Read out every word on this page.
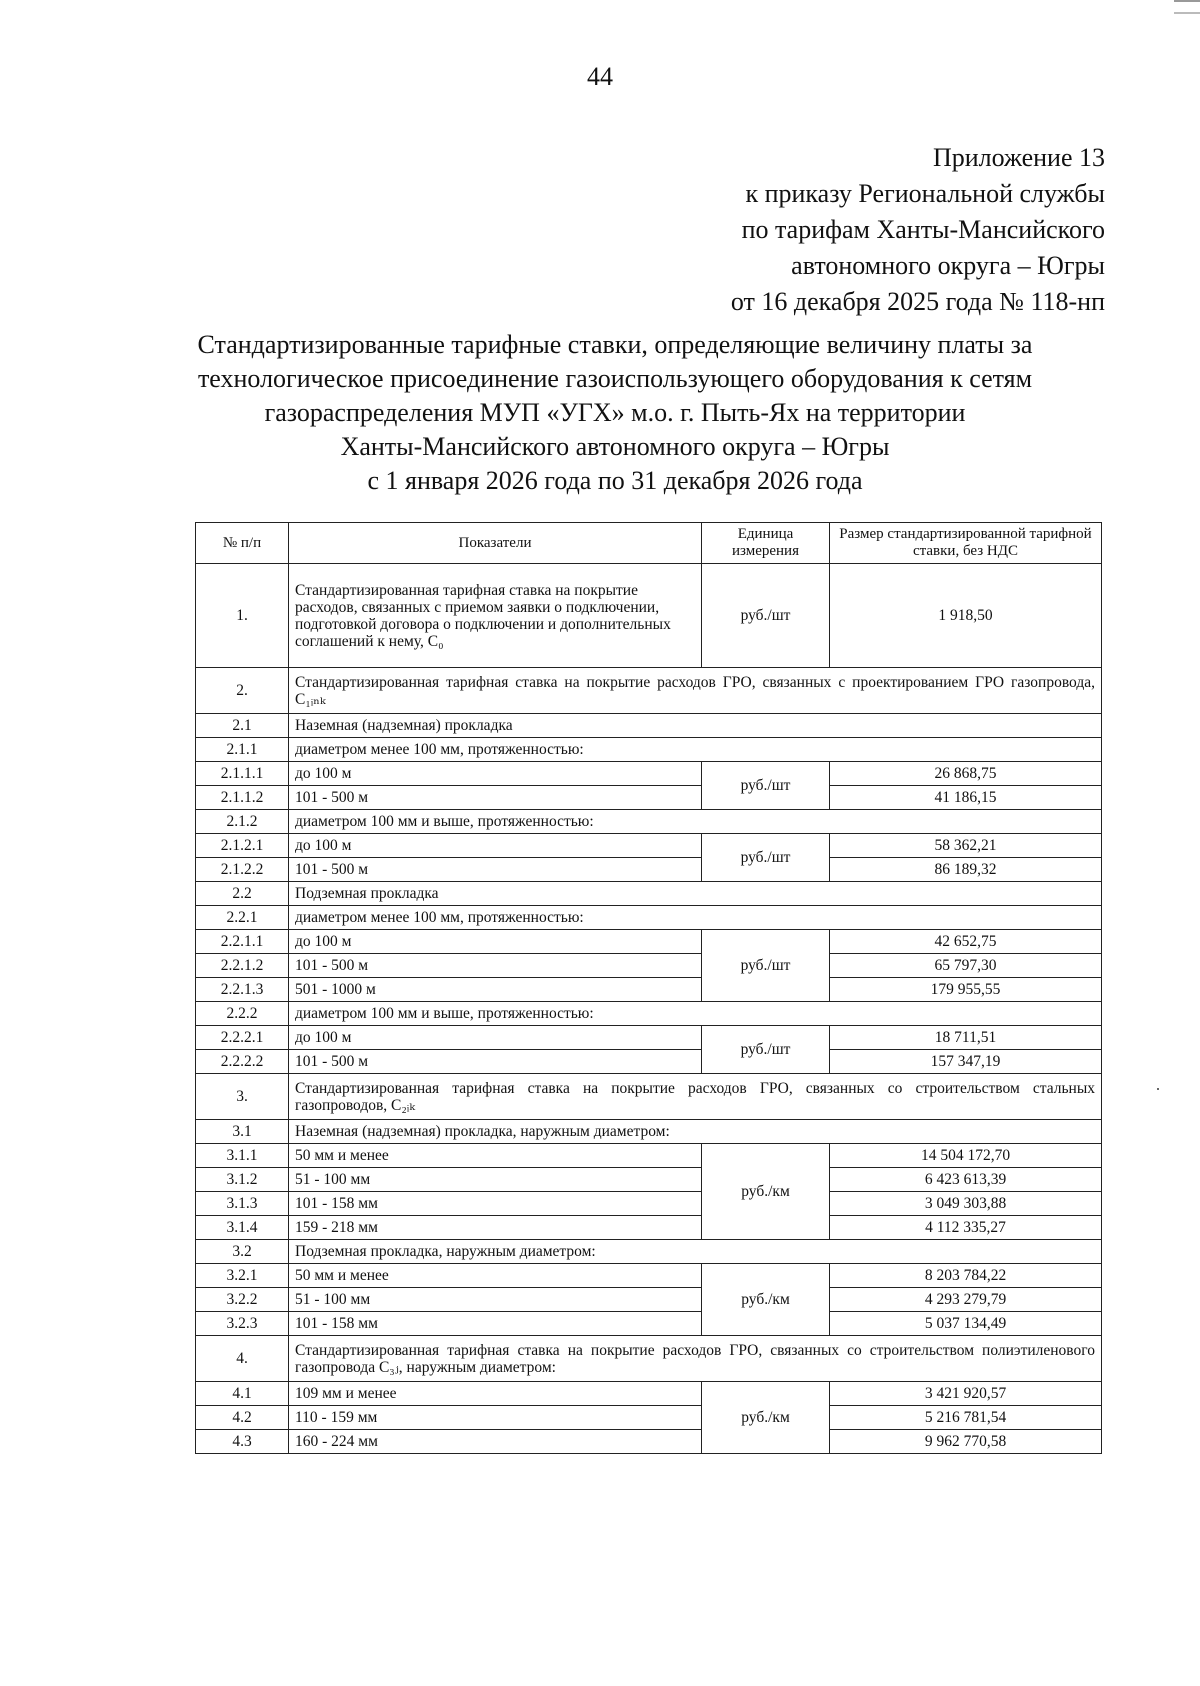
44
Приложение 13
к приказу Региональной службы
по тарифам Ханты-Мансийского
автономного округа – Югры
от 16 декабря 2025 года № 118-нп
Стандартизированные тарифные ставки, определяющие величину платы за
технологическое присоединение газоиспользующего оборудования к сетям
газораспределения МУП «УГХ» м.о. г. Пыть-Ях на территории
Ханты-Мансийского автономного округа – Югры
с 1 января 2026 года по 31 декабря 2026 года
№ п/п	Показатели	Единица измерения	Размер стандартизированной тарифной ставки, без НДС
1.	Стандартизированная тарифная ставка на покрытие расходов, связанных с приемом заявки о подключении, подготовкой договора о подключении и дополнительных соглашений к нему, C₀	руб./шт	1 918,50
2.	Стандартизированная тарифная ставка на покрытие расходов ГРО, связанных с проектированием ГРО газопровода, C₁ᵢₙₖ		
2.1	Наземная (надземная) прокладка		
2.1.1	диаметром менее 100 мм, протяженностью:		
2.1.1.1	до 100 м	руб./шт	26 868,75
2.1.1.2	101 - 500 м		41 186,15
2.1.2	диаметром 100 мм и выше, протяженностью:		
2.1.2.1	до 100 м	руб./шт	58 362,21
2.1.2.2	101 - 500 м		86 189,32
2.2	Подземная прокладка		
2.2.1	диаметром менее 100 мм, протяженностью:		
2.2.1.1	до 100 м	руб./шт	42 652,75
2.2.1.2	101 - 500 м		65 797,30
2.2.1.3	501 - 1000 м		179 955,55
2.2.2	диаметром 100 мм и выше, протяженностью:		
2.2.2.1	до 100 м	руб./шт	18 711,51
2.2.2.2	101 - 500 м		157 347,19
3.	Стандартизированная тарифная ставка на покрытие расходов ГРО, связанных со строительством стальных газопроводов, C₂ᵢₖ		
3.1	Наземная (надземная) прокладка, наружным диаметром:		
3.1.1	50 мм и менее	руб./км	14 504 172,70
3.1.2	51 - 100 мм		6 423 613,39
3.1.3	101 - 158 мм		3 049 303,88
3.1.4	159 - 218 мм		4 112 335,27
3.2	Подземная прокладка, наружным диаметром:		
3.2.1	50 мм и менее	руб./км	8 203 784,22
3.2.2	51 - 100 мм		4 293 279,79
3.2.3	101 - 158 мм		5 037 134,49
4.	Стандартизированная тарифная ставка на покрытие расходов ГРО, связанных со строительством полиэтиленового газопровода C₃ⱼ, наружным диаметром:		
4.1	109 мм и менее	руб./км	3 421 920,57
4.2	110 - 159 мм		5 216 781,54
4.3	160 - 224 мм		9 962 770,58
